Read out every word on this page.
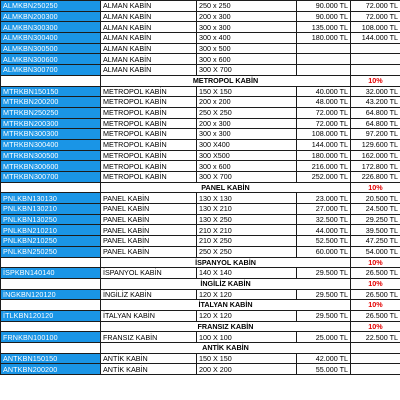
ALMKBN250250	ALMAN KABİN	250 x 250	90.000 TL	72.000 TL
ALMKBN200300	ALMAN KABİN	200 x 300	90.000 TL	72.000 TL
ALMKBN300300	ALMAN KABİN	300 x 300	135.000 TL	108.000 TL
ALMKBN300400	ALMAN KABİN	300 x 400	180.000 TL	144.000 TL
ALMKBN300500	ALMAN KABİN	300 x 500		
ALMKBN300600	ALMAN KABİN	300 x 600		
ALMKBN300700	ALMAN KABİN	300 X 700		
	METROPOL KABİN			10%
MTRKBN150150	METROPOL KABİN	150 X 150	40.000 TL	32.000 TL
MTRKBN200200	METROPOL KABİN	200 x 200	48.000 TL	43.200 TL
MTRKBN250250	METROPOL KABİN	250 X 250	72.000 TL	64.800 TL
MTRKBN200300	METROPOL KABİN	200 x 300	72.000 TL	64.800 TL
MTRKBN300300	METROPOL KABİN	300 x 300	108.000 TL	97.200 TL
MTRKBN300400	METROPOL KABİN	300 X400	144.000 TL	129.600 TL
MTRKBN300500	METROPOL KABİN	300 X500	180.000 TL	162.000 TL
MTRKBN300600	METROPOL KABİN	300 x 600	216.000 TL	172.800 TL
MTRKBN300700	METROPOL KABİN	300 X 700	252.000 TL	226.800 TL
	PANEL KABİN			10%
PNLKBN130130	PANEL KABİN	130 X 130	23.000 TL	20.500 TL
PNLKBN130210	PANEL KABİN	130 X 210	27.000 TL	24.500 TL
PNLKBN130250	PANEL KABİN	130 X 250	32.500 TL	29.250 TL
PNLKBN210210	PANEL KABİN	210 X 210	44.000 TL	39.500 TL
PNLKBN210250	PANEL KABİN	210 X 250	52.500 TL	47.250 TL
PNLKBN250250	PANEL KABİN	250 X 250	60.000 TL	54.000 TL
	İSPANYOL KABİN			10%
İSPKBN140140	İSPANYOL KABİN	140 X 140	29.500 TL	26.500 TL
	İNGİLİZ KABİN			10%
İNGKBN120120	İNGİLİZ KABİN	120 X 120	29.500 TL	26.500 TL
	İTALYAN KABİN			10%
İTLKBN120120	İTALYAN KABİN	120 X 120	29.500 TL	26.500 TL
	FRANSIZ KABİN			10%
FRNKBN100100	FRANSIZ KABİN	100 X 100	25.000 TL	22.500 TL
	ANTİK KABİN			
ANTKBN150150	ANTİK KABİN	150 X 150	42.000 TL	
ANTKBN200200	ANTİK KABİN	200 X 200	55.000 TL	
